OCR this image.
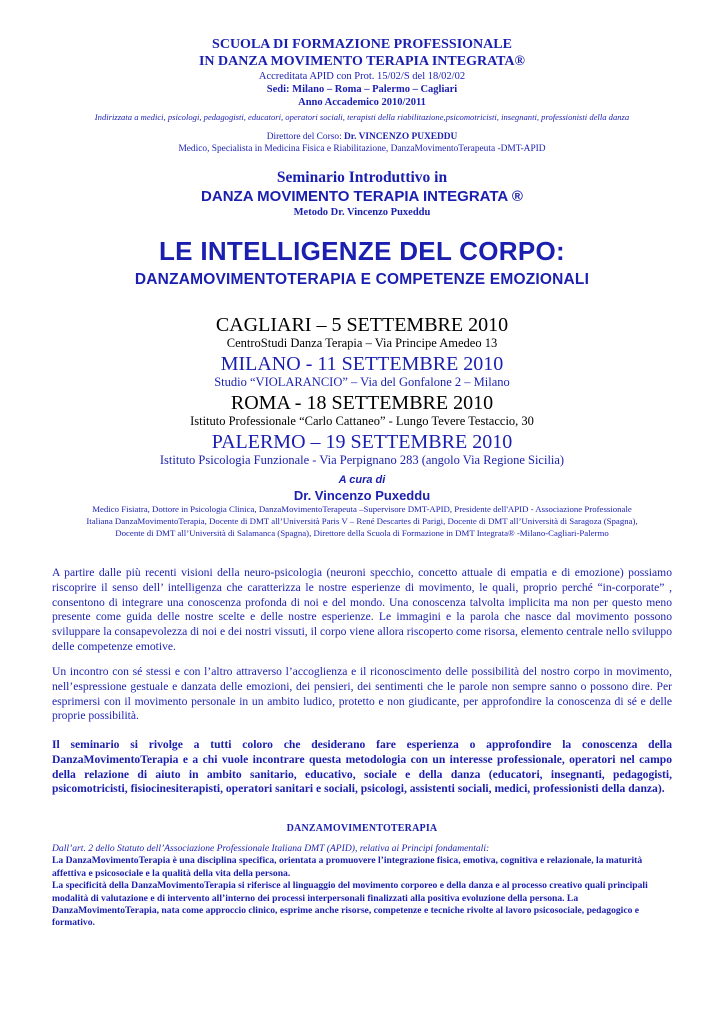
SCUOLA DI FORMAZIONE PROFESSIONALE
IN DANZA MOVIMENTO TERAPIA INTEGRATA®
Accreditata APID con Prot. 15/02/S del 18/02/02
Sedi: Milano – Roma – Palermo – Cagliari
Anno Accademico 2010/2011
Indirizzata a medici, psicologi, pedagogisti, educatori, operatori sociali, terapisti della riabilitazione,psicomotricisti, insegnanti, professionisti della danza
Direttore del Corso: Dr. VINCENZO PUXEDDU
Medico, Specialista in Medicina Fisica e Riabilitazione, DanzaMovimentoTerapeuta -DMT-APID
Seminario Introduttivo in
DANZA MOVIMENTO TERAPIA INTEGRATA ®
Metodo Dr. Vincenzo Puxeddu
LE INTELLIGENZE DEL CORPO:
DANZAMOVIMENTOTERAPIA E COMPETENZE EMOZIONALI
CAGLIARI – 5 SETTEMBRE 2010
CentroStudi Danza Terapia – Via Principe Amedeo 13
MILANO - 11 SETTEMBRE 2010
Studio “VIOLARANCIO” – Via del Gonfalone 2 – Milano
ROMA - 18 SETTEMBRE 2010
Istituto Professionale “Carlo Cattaneo” - Lungo Tevere Testaccio, 30
PALERMO – 19 SETTEMBRE 2010
Istituto Psicologia Funzionale - Via Perpignano 283 (angolo Via Regione Sicilia)
A cura di
Dr. Vincenzo Puxeddu
Medico Fisiatra, Dottore in Psicologia Clinica, DanzaMovimentoTerapeuta –Supervisore DMT-APID, Presidente dell'APID - Associazione Professionale
Italiana DanzaMovimentoTerapia, Docente di DMT all’Università Paris V – René Descartes di Parigi, Docente di DMT all’Università di Saragoza (Spagna),
Docente di DMT all’Università di Salamanca (Spagna), Direttore della Scuola di Formazione in DMT Integrata® -Milano-Cagliari-Palermo
A partire dalle più recenti visioni della neuro-psicologia (neuroni specchio, concetto attuale di empatia e di emozione) possiamo riscoprire il senso dell’ intelligenza che caratterizza le nostre esperienze di movimento, le quali, proprio perché “in-corporate” , consentono di integrare una conoscenza profonda di noi e del mondo. Una conoscenza talvolta implicita ma non per questo meno presente come guida delle nostre scelte e delle nostre esperienze. Le immagini e la parola che nasce dal movimento possono sviluppare la consapevolezza di noi e dei nostri vissuti, il corpo viene allora riscoperto come risorsa, elemento centrale nello sviluppo delle competenze emotive.
Un incontro con sé stessi e con l’altro attraverso l’accoglienza e il riconoscimento delle possibilità del nostro corpo in movimento, nell’espressione gestuale e danzata delle emozioni, dei pensieri, dei sentimenti che le parole non sempre sanno o possono dire. Per esprimersi con il movimento personale in un ambito ludico, protetto e non giudicante, per approfondire la conoscenza di sé e delle proprie possibilità.
Il seminario si rivolge a tutti coloro che desiderano fare esperienza o approfondire la conoscenza della DanzaMovimentoTerapia e a chi vuole incontrare questa metodologia con un interesse professionale, operatori nel campo della relazione di aiuto in ambito sanitario, educativo, sociale e della danza (educatori, insegnanti, pedagogisti, psicomotricisti, fisiocinesiterapisti, operatori sanitari e sociali, psicologi, assistenti sociali, medici, professionisti della danza).
DANZAMOVIMENTOTERAPIA
Dall’art. 2 dello Statuto dell’Associazione Professionale Italiana DMT (APID), relativa ai Principi fondamentali:
La DanzaMovimentoTerapia è una disciplina specifica, orientata a promuovere l’integrazione fisica, emotiva, cognitiva e relazionale, la maturità affettiva e psicosociale e la qualità della vita della persona.
La specificità della DanzaMovimentoTerapia si riferisce al linguaggio del movimento corporeo e della danza e al processo creativo quali principali modalità di valutazione e di intervento all’interno dei processi interpersonali finalizzati alla positiva evoluzione della persona. La DanzaMovimentoTerapia, nata come approccio clinico, esprime anche risorse, competenze e tecniche rivolte al lavoro psicosociale, pedagogico e formativo.
